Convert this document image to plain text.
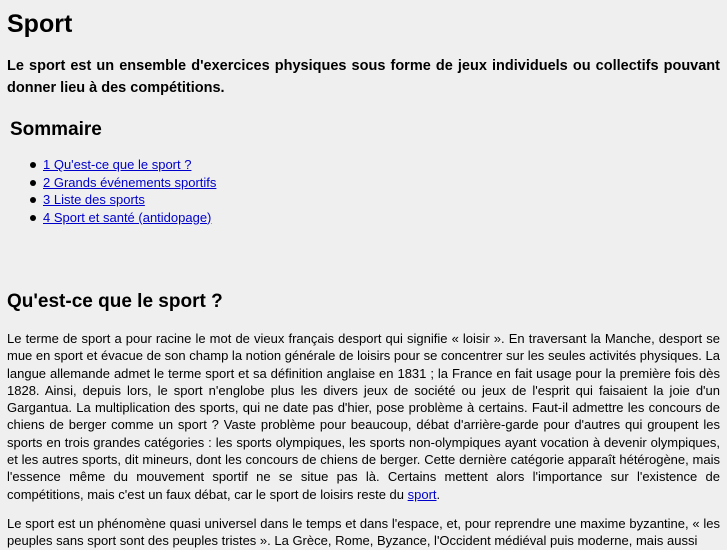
Sport

Le sport est un ensemble d'exercices physiques sous forme de jeux individuels ou collectifs pouvant donner lieu à des compétitions.

Sommaire
1 Qu'est-ce que le sport ?
2 Grands événements sportifs
3 Liste des sports
4 Sport et santé (antidopage)
Qu'est-ce que le sport ?

Le terme de sport a pour racine le mot de vieux français desport qui signifie « loisir ». En traversant la Manche, desport se mue en sport et évacue de son champ la notion générale de loisirs pour se concentrer sur les seules activités physiques. La langue allemande admet le terme sport et sa définition anglaise en 1831 ; la France en fait usage pour la première fois dès 1828. Ainsi, depuis lors, le sport n'englobe plus les divers jeux de société ou jeux de l'esprit qui faisaient la joie d'un Gargantua. La multiplication des sports, qui ne date pas d'hier, pose problème à certains. Faut-il admettre les concours de chiens de berger comme un sport ? Vaste problème pour beaucoup, débat d'arrière-garde pour d'autres qui groupent les sports en trois grandes catégories : les sports olympiques, les sports non-olympiques ayant vocation à devenir olympiques, et les autres sports, dit mineurs, dont les concours de chiens de berger. Cette dernière catégorie apparaît hétérogène, mais l'essence même du mouvement sportif ne se situe pas là. Certains mettent alors l'importance sur l'existence de compétitions, mais c'est un faux débat, car le sport de loisirs reste du sport.

Le sport est un phénomène quasi universel dans le temps et dans l'espace, et, pour reprendre une maxime byzantine, « les peuples sans sport sont des peuples tristes ». La Grèce, Rome, Byzance, l'Occident médiéval puis moderne, mais aussi
